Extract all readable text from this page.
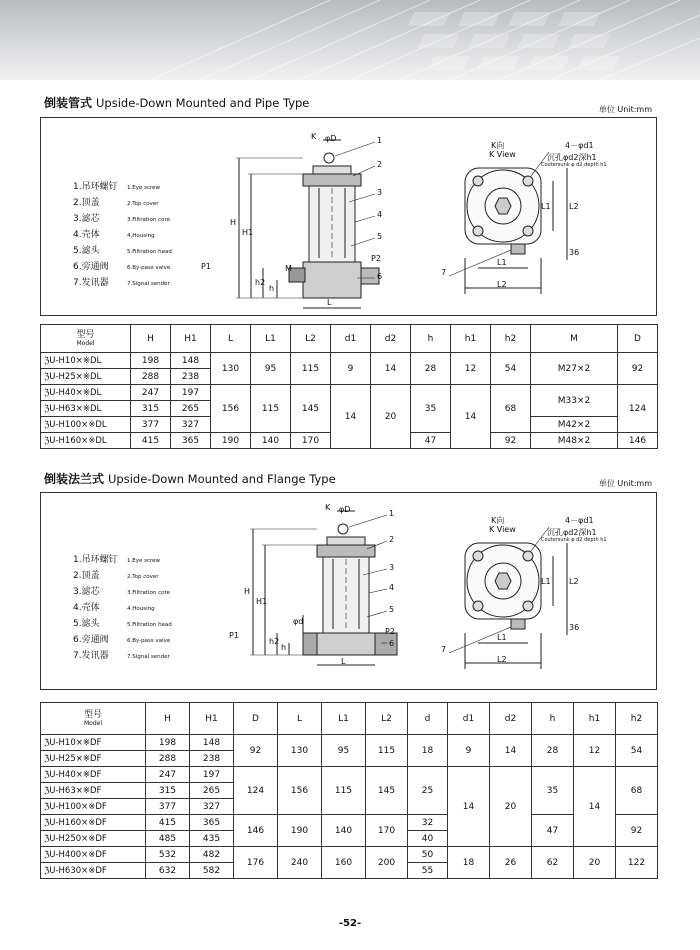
倒装管式 Upside-Down Mounted and Pipe Type	单位 Unit:mm
1.吊环螺钉 1.Eye screw
2.顶盖	2.Top cover
3.滤芯	3.Filtration core
4.壳体	4.Housing
5.滤头	5.Filtration head
6.旁通阀	6.By-pass valve
7.发讯器	7.Signal sender
K φD	1
2
3
4
5
6	7
H
H1
h2
h
M
P1
P2
L
L1
L2
L1 L2
K向
K View
4－φd1
沉孔φd2深h1
Coutersunk φ d2 depth h1
36
型号
Model	H	H1	L	L1	L2	d1	d2	h	h1	h2	M	D
ℨU-H10×※DL	198	148	130	95	115	9	14	28	12	54	M27×2	92
ℨU-H25×※DL	288	238										
ℨU-H40×※DL	247	197	156	115	145	14	20	35	14	68	M33×2	124
ℨU-H63×※DL	315	265										
ℨU-H100×※DL	377	327									M42×2	
ℨU-H160×※DL	415	365	190	140	170			47		92	M48×2	146
倒装法兰式 Upside-Down Mounted and Flange Type	单位 Unit:mm
1.吊环螺钉 1.Eye screw
2.顶盖	2.Top cover
3.滤芯	3.Filtration core
4.壳体	4.Housing
5.滤头	5.Filtration head
6.旁通阀	6.By-pass valve
7.发讯器	7.Signal sender
K φD	1
2
3
4
5
6
7
H
H1
h2
h
φd
P1	P2
L
L1
L2
L1 L2
K向
K View
4－φd1
沉孔φd2深h1
Coutersunk φ d2 depth h1
36
型号
Model	H	H1	D	L	L1	L2	d	d1	d2	h	h1	h2
ℨU-H10×※DF	198	148	92	130	95	115	18	9	14	28	12	54
ℨU-H25×※DF	288	238										
ℨU-H40×※DF	247	197	124	156	115	145	25	14	20	35	14	68
ℨU-H63×※DF	315	265										
ℨU-H100×※DF	377	327										
ℨU-H160×※DF	415	365	146	190	140	170	32			47		92
ℨU-H250×※DF	485	435					40					
ℨU-H400×※DF	532	482	176	240	160	200	50	18	26	62	20	122
ℨU-H630×※DF	632	582					55					
-52-
